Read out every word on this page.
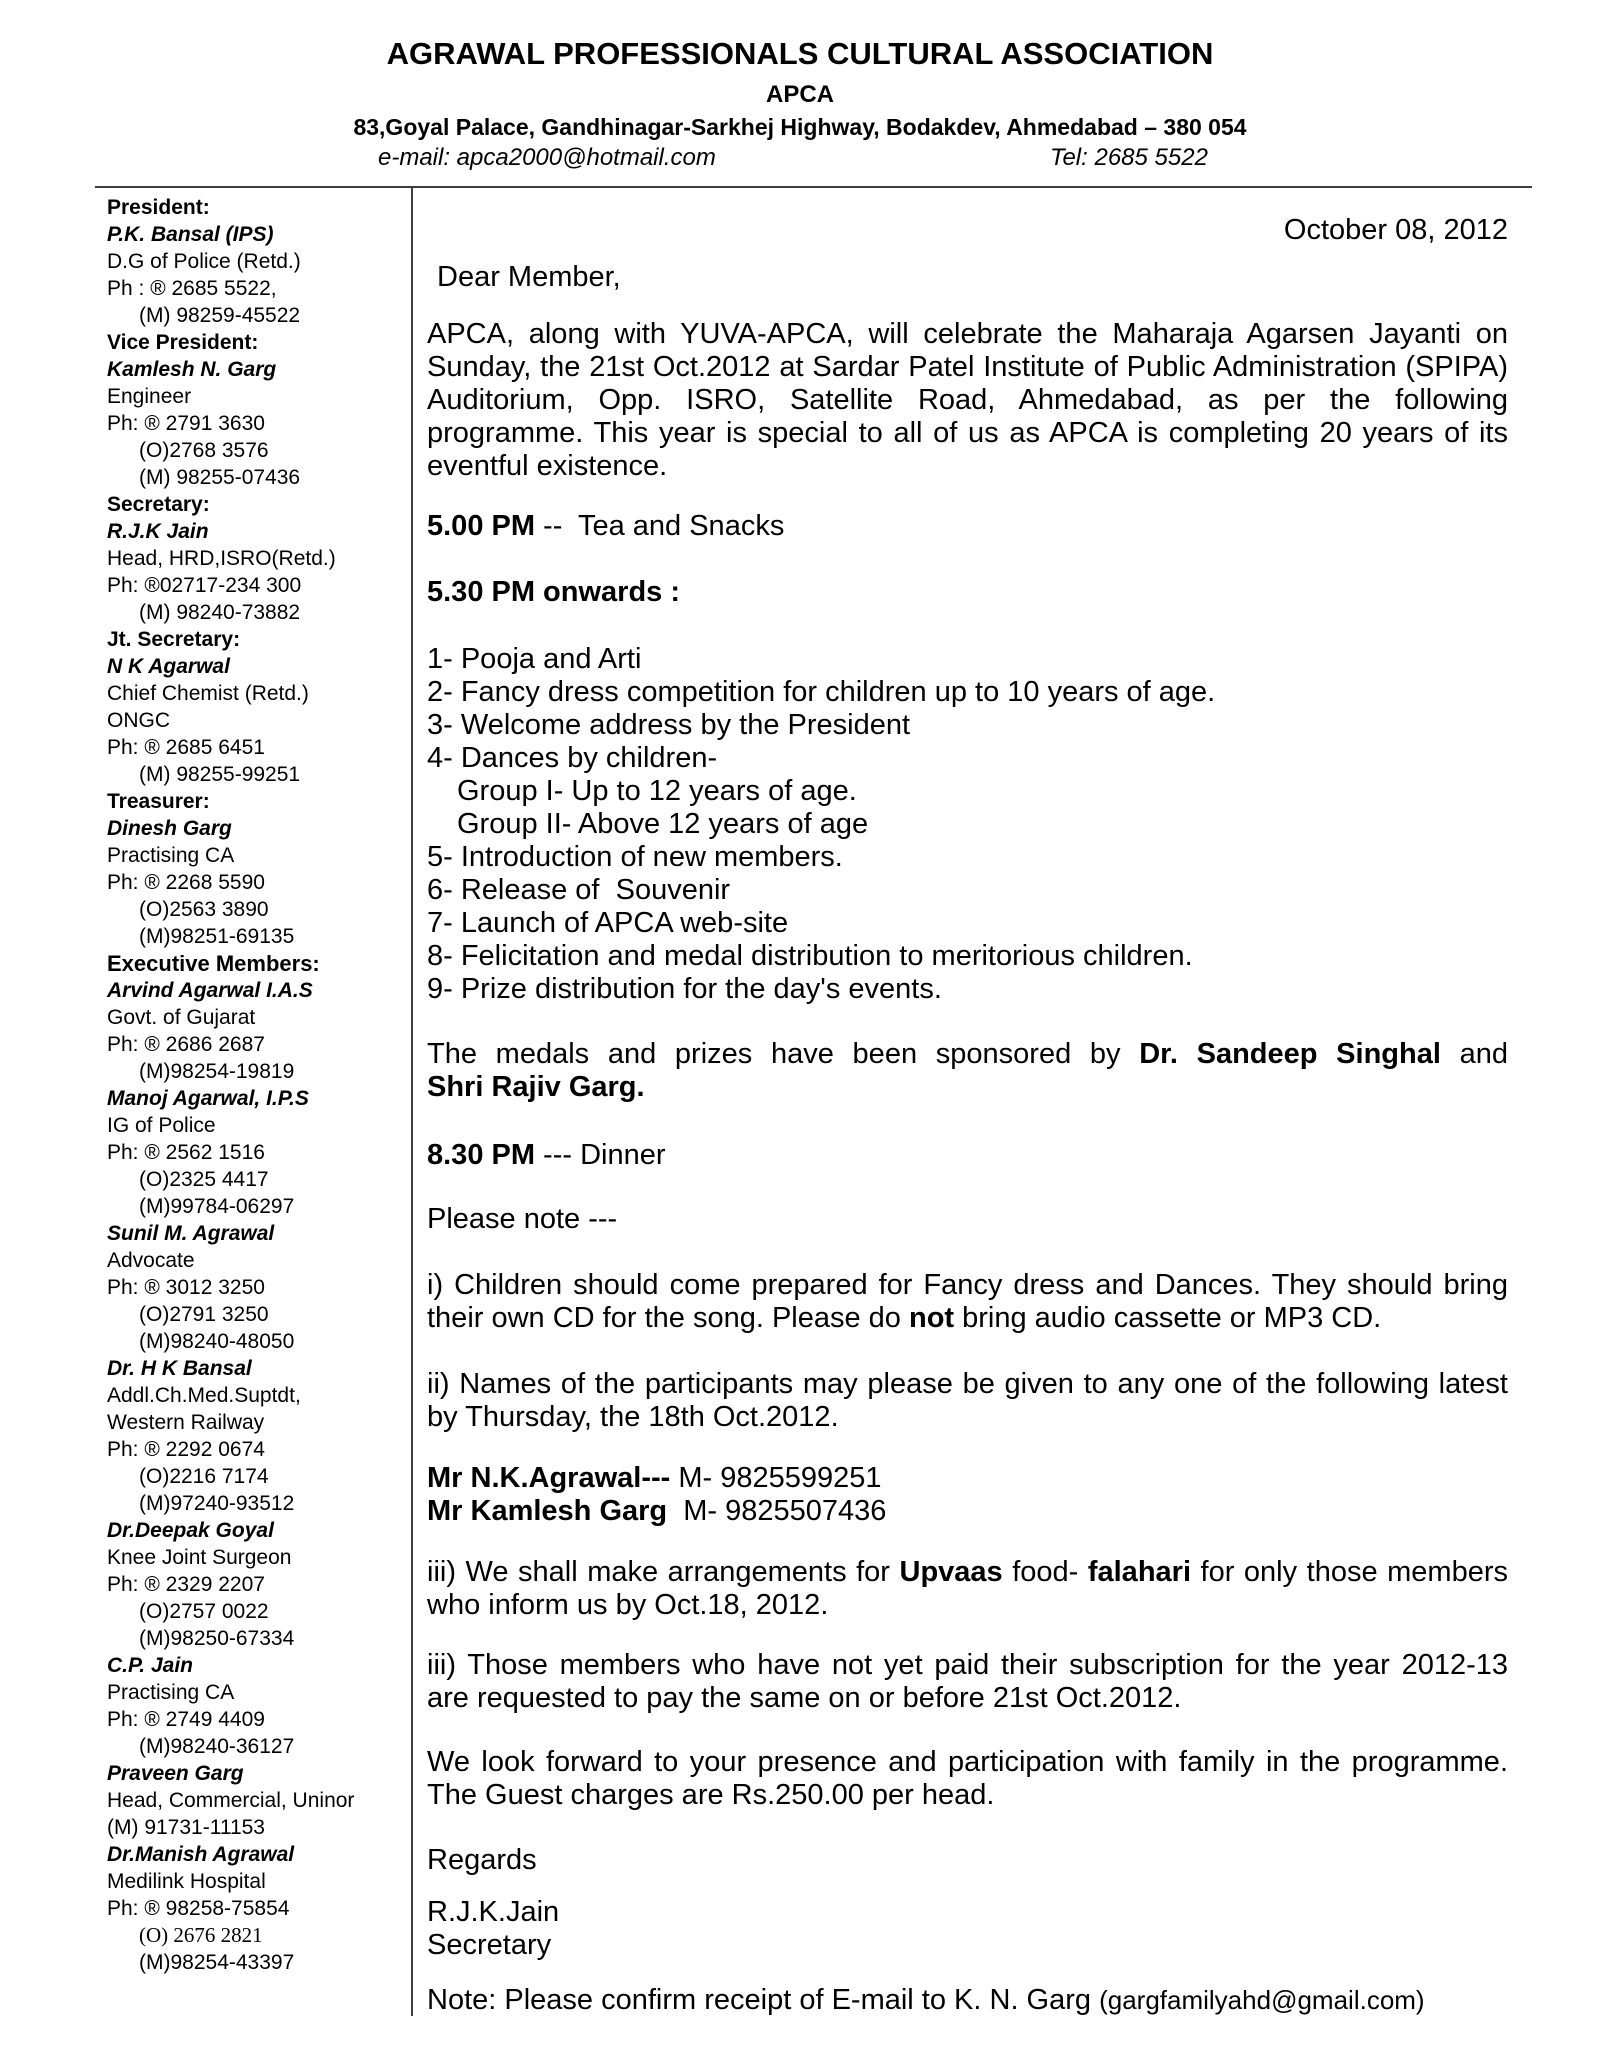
AGRAWAL PROFESSIONALS CULTURAL ASSOCIATION
APCA
83,Goyal Palace, Gandhinagar-Sarkhej Highway, Bodakdev, Ahmedabad – 380 054
e-mail: apca2000@hotmail.com	Tel: 2685 5522
President:
P.K. Bansal (IPS)
D.G of Police (Retd.)
Ph : ® 2685 5522,
(M) 98259-45522
Vice President:
Kamlesh N. Garg
Engineer
Ph: ® 2791 3630
(O)2768 3576
(M) 98255-07436
Secretary:
R.J.K Jain
Head, HRD,ISRO(Retd.)
Ph: ®02717-234 300
(M) 98240-73882
Jt. Secretary:
N K Agarwal
Chief Chemist (Retd.)
ONGC
Ph: ® 2685 6451
(M) 98255-99251
Treasurer:
Dinesh Garg
Practising CA
Ph: ® 2268 5590
(O)2563 3890
(M)98251-69135
Executive Members:
Arvind Agarwal I.A.S
Govt. of Gujarat
Ph: ® 2686 2687
(M)98254-19819
Manoj Agarwal, I.P.S
IG of Police
Ph: ® 2562 1516
(O)2325 4417
(M)99784-06297
Sunil M. Agrawal
Advocate
Ph: ® 3012 3250
(O)2791 3250
(M)98240-48050
Dr. H K Bansal
Addl.Ch.Med.Suptdt,
Western Railway
Ph: ® 2292 0674
(O)2216 7174
(M)97240-93512
Dr.Deepak Goyal
Knee Joint Surgeon
Ph: ® 2329 2207
(O)2757 0022
(M)98250-67334
C.P. Jain
Practising CA
Ph: ® 2749 4409
(M)98240-36127
Praveen Garg
Head, Commercial, Uninor
(M) 91731-11153
Dr.Manish Agrawal
Medilink Hospital
Ph: ® 98258-75854
(O) 2676 2821
(M)98254-43397
October 08, 2012
Dear Member,
APCA, along with YUVA-APCA, will celebrate the Maharaja Agarsen Jayanti on Sunday, the 21st Oct.2012 at Sardar Patel Institute of Public Administration (SPIPA) Auditorium, Opp. ISRO, Satellite Road, Ahmedabad, as per the following programme. This year is special to all of us as APCA is completing 20 years of its eventful existence.
5.00 PM --  Tea and Snacks
5.30 PM onwards :
1- Pooja and Arti
2- Fancy dress competition for children up to 10 years of age.
3- Welcome address by the President
4- Dances by children-
Group I- Up to 12 years of age.
Group II- Above 12 years of age
5- Introduction of new members.
6- Release of  Souvenir
7- Launch of APCA web-site
8- Felicitation and medal distribution to meritorious children.
9- Prize distribution for the day's events.
The medals and prizes have been sponsored by Dr. Sandeep Singhal and
Shri Rajiv Garg.
8.30 PM --- Dinner
Please note ---
i) Children should come prepared for Fancy dress and Dances. They should bring their own CD for the song. Please do not bring audio cassette or MP3 CD.
ii) Names of the participants may please be given to any one of the following latest by Thursday, the 18th Oct.2012.
Mr N.K.Agrawal--- M- 9825599251
Mr Kamlesh Garg  M- 9825507436
iii) We shall make arrangements for Upvaas food- falahari for only those members who inform us by Oct.18, 2012.
iii) Those members who have not yet paid their subscription for the year 2012-13 are requested to pay the same on or before 21st Oct.2012.
We look forward to your presence and participation with family in the programme. The Guest charges are Rs.250.00 per head.
Regards
R.J.K.Jain
Secretary
Note: Please confirm receipt of E-mail to K. N. Garg (gargfamilyahd@gmail.com)
